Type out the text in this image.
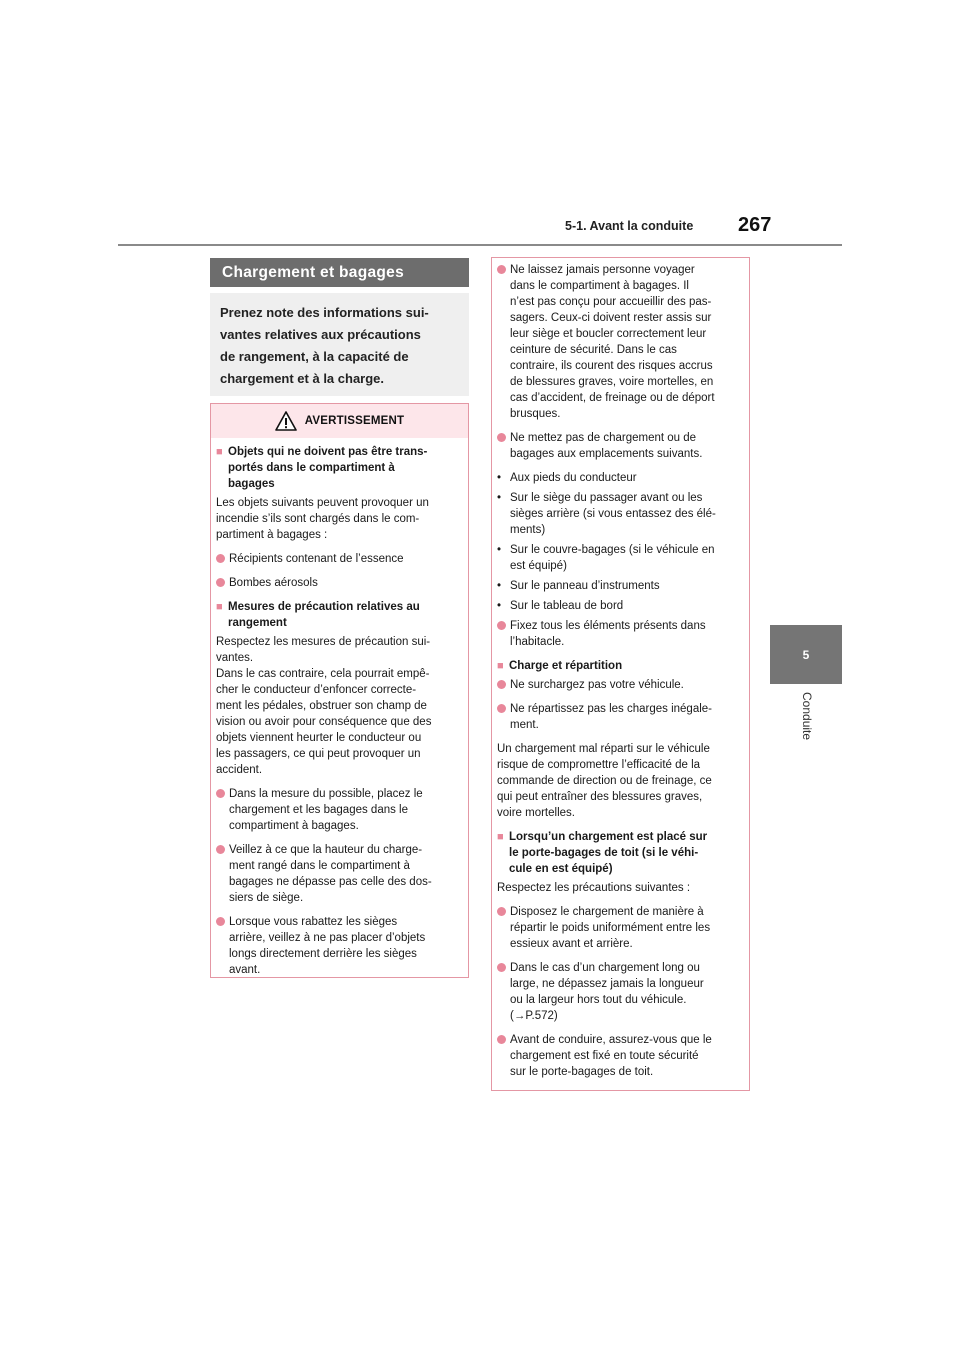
5-1. Avant la conduite 267
5
Conduite
Chargement et bagages
Prenez note des informations sui-
vantes relatives aux précautions
de rangement, à la capacité de
chargement et à la charge.
AVERTISSEMENT
■ Objets qui ne doivent pas être trans-
portés dans le compartiment à
bagages
Les objets suivants peuvent provoquer un
incendie s’ils sont chargés dans le com-
partiment à bagages :
Récipients contenant de l’essence
Bombes aérosols
■ Mesures de précaution relatives au
rangement
Respectez les mesures de précaution sui-
vantes.
Dans le cas contraire, cela pourrait empê-
cher le conducteur d’enfoncer correcte-
ment les pédales, obstruer son champ de
vision ou avoir pour conséquence que des
objets viennent heurter le conducteur ou
les passagers, ce qui peut provoquer un
accident.
Dans la mesure du possible, placez le
chargement et les bagages dans le
compartiment à bagages.
Veillez à ce que la hauteur du charge-
ment rangé dans le compartiment à
bagages ne dépasse pas celle des dos-
siers de siège.
Lorsque vous rabattez les sièges
arrière, veillez à ne pas placer d’objets
longs directement derrière les sièges
avant.
Ne laissez jamais personne voyager
dans le compartiment à bagages. Il
n’est pas conçu pour accueillir des pas-
sagers. Ceux-ci doivent rester assis sur
leur siège et boucler correctement leur
ceinture de sécurité. Dans le cas
contraire, ils courent des risques accrus
de blessures graves, voire mortelles, en
cas d’accident, de freinage ou de déport
brusques.
Ne mettez pas de chargement ou de
bagages aux emplacements suivants.
• Aux pieds du conducteur
• Sur le siège du passager avant ou les
sièges arrière (si vous entassez des élé-
ments)
• Sur le couvre-bagages (si le véhicule en
est équipé)
• Sur le panneau d’instruments
• Sur le tableau de bord
Fixez tous les éléments présents dans
l’habitacle.
■ Charge et répartition
Ne surchargez pas votre véhicule.
Ne répartissez pas les charges inégale-
ment.
Un chargement mal réparti sur le véhicule
risque de compromettre l’efficacité de la
commande de direction ou de freinage, ce
qui peut entraîner des blessures graves,
voire mortelles.
■ Lorsqu’un chargement est placé sur
le porte-bagages de toit (si le véhi-
cule en est équipé)
Respectez les précautions suivantes :
Disposez le chargement de manière à
répartir le poids uniformément entre les
essieux avant et arrière.
Dans le cas d’un chargement long ou
large, ne dépassez jamais la longueur
ou la largeur hors tout du véhicule.
(→P.572)
Avant de conduire, assurez-vous que le
chargement est fixé en toute sécurité
sur le porte-bagages de toit.
